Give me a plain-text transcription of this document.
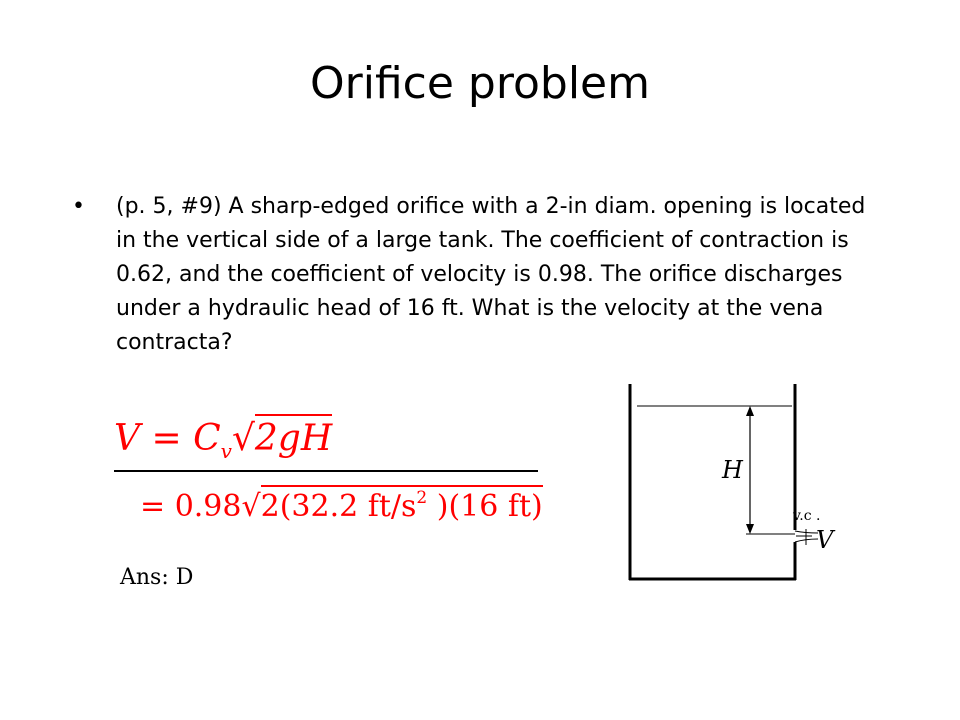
Orifice problem
• (p. 5, #9) A sharp-edged orifice with a 2-in diam. opening is located in the vertical side of a large tank. The coefficient of contraction is 0.62, and the coefficient of velocity is 0.98. The orifice discharges under a hydraulic head of 16 ft. What is the velocity at the vena contracta?

$V = C_v√2gH$
= 0.98√2(32.2 $ft/s^2$ )(16 ft)
Ans: D
H
v.c .
V
